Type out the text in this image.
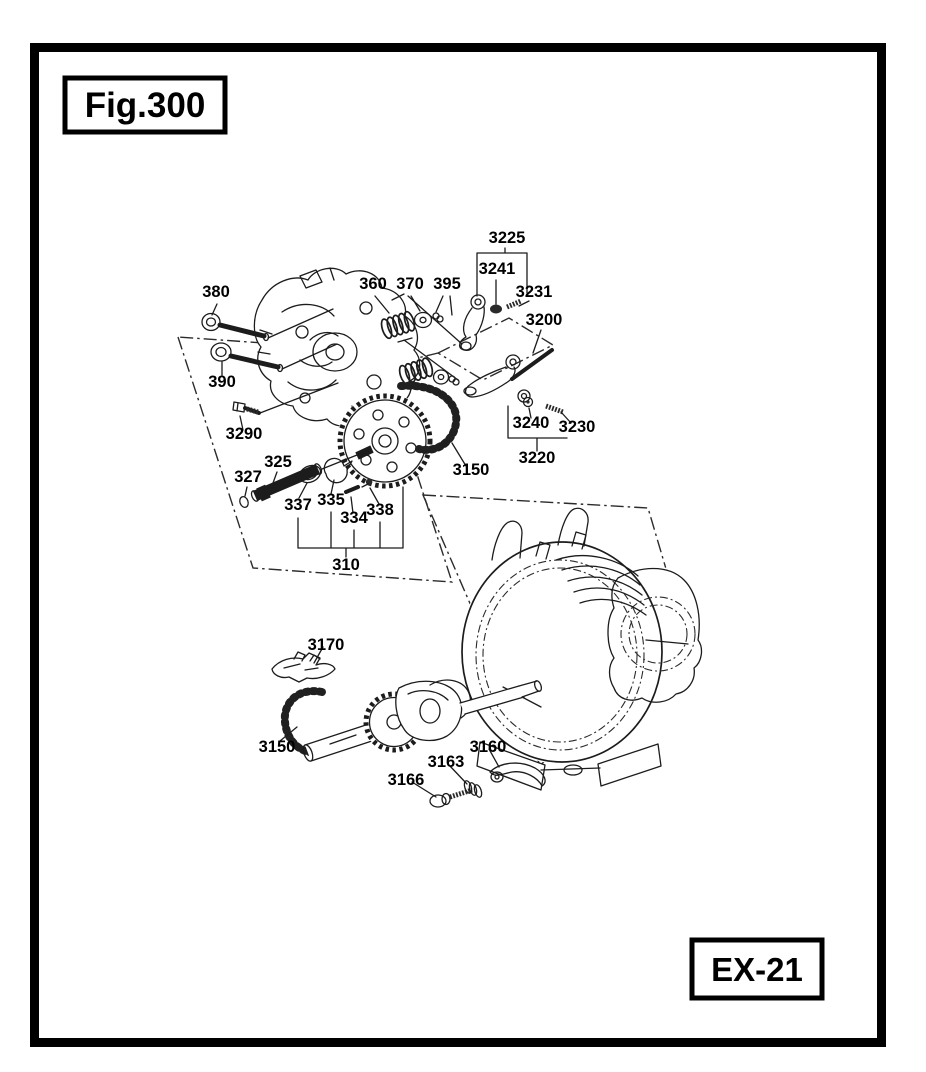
Fig.300
EX-21
380
390
3290
360 370 395
3225
3241
3231
3200
3240 3230
3220
3150
325
327
337 335
334
338
310
3170
3150
3166
3163
3160
